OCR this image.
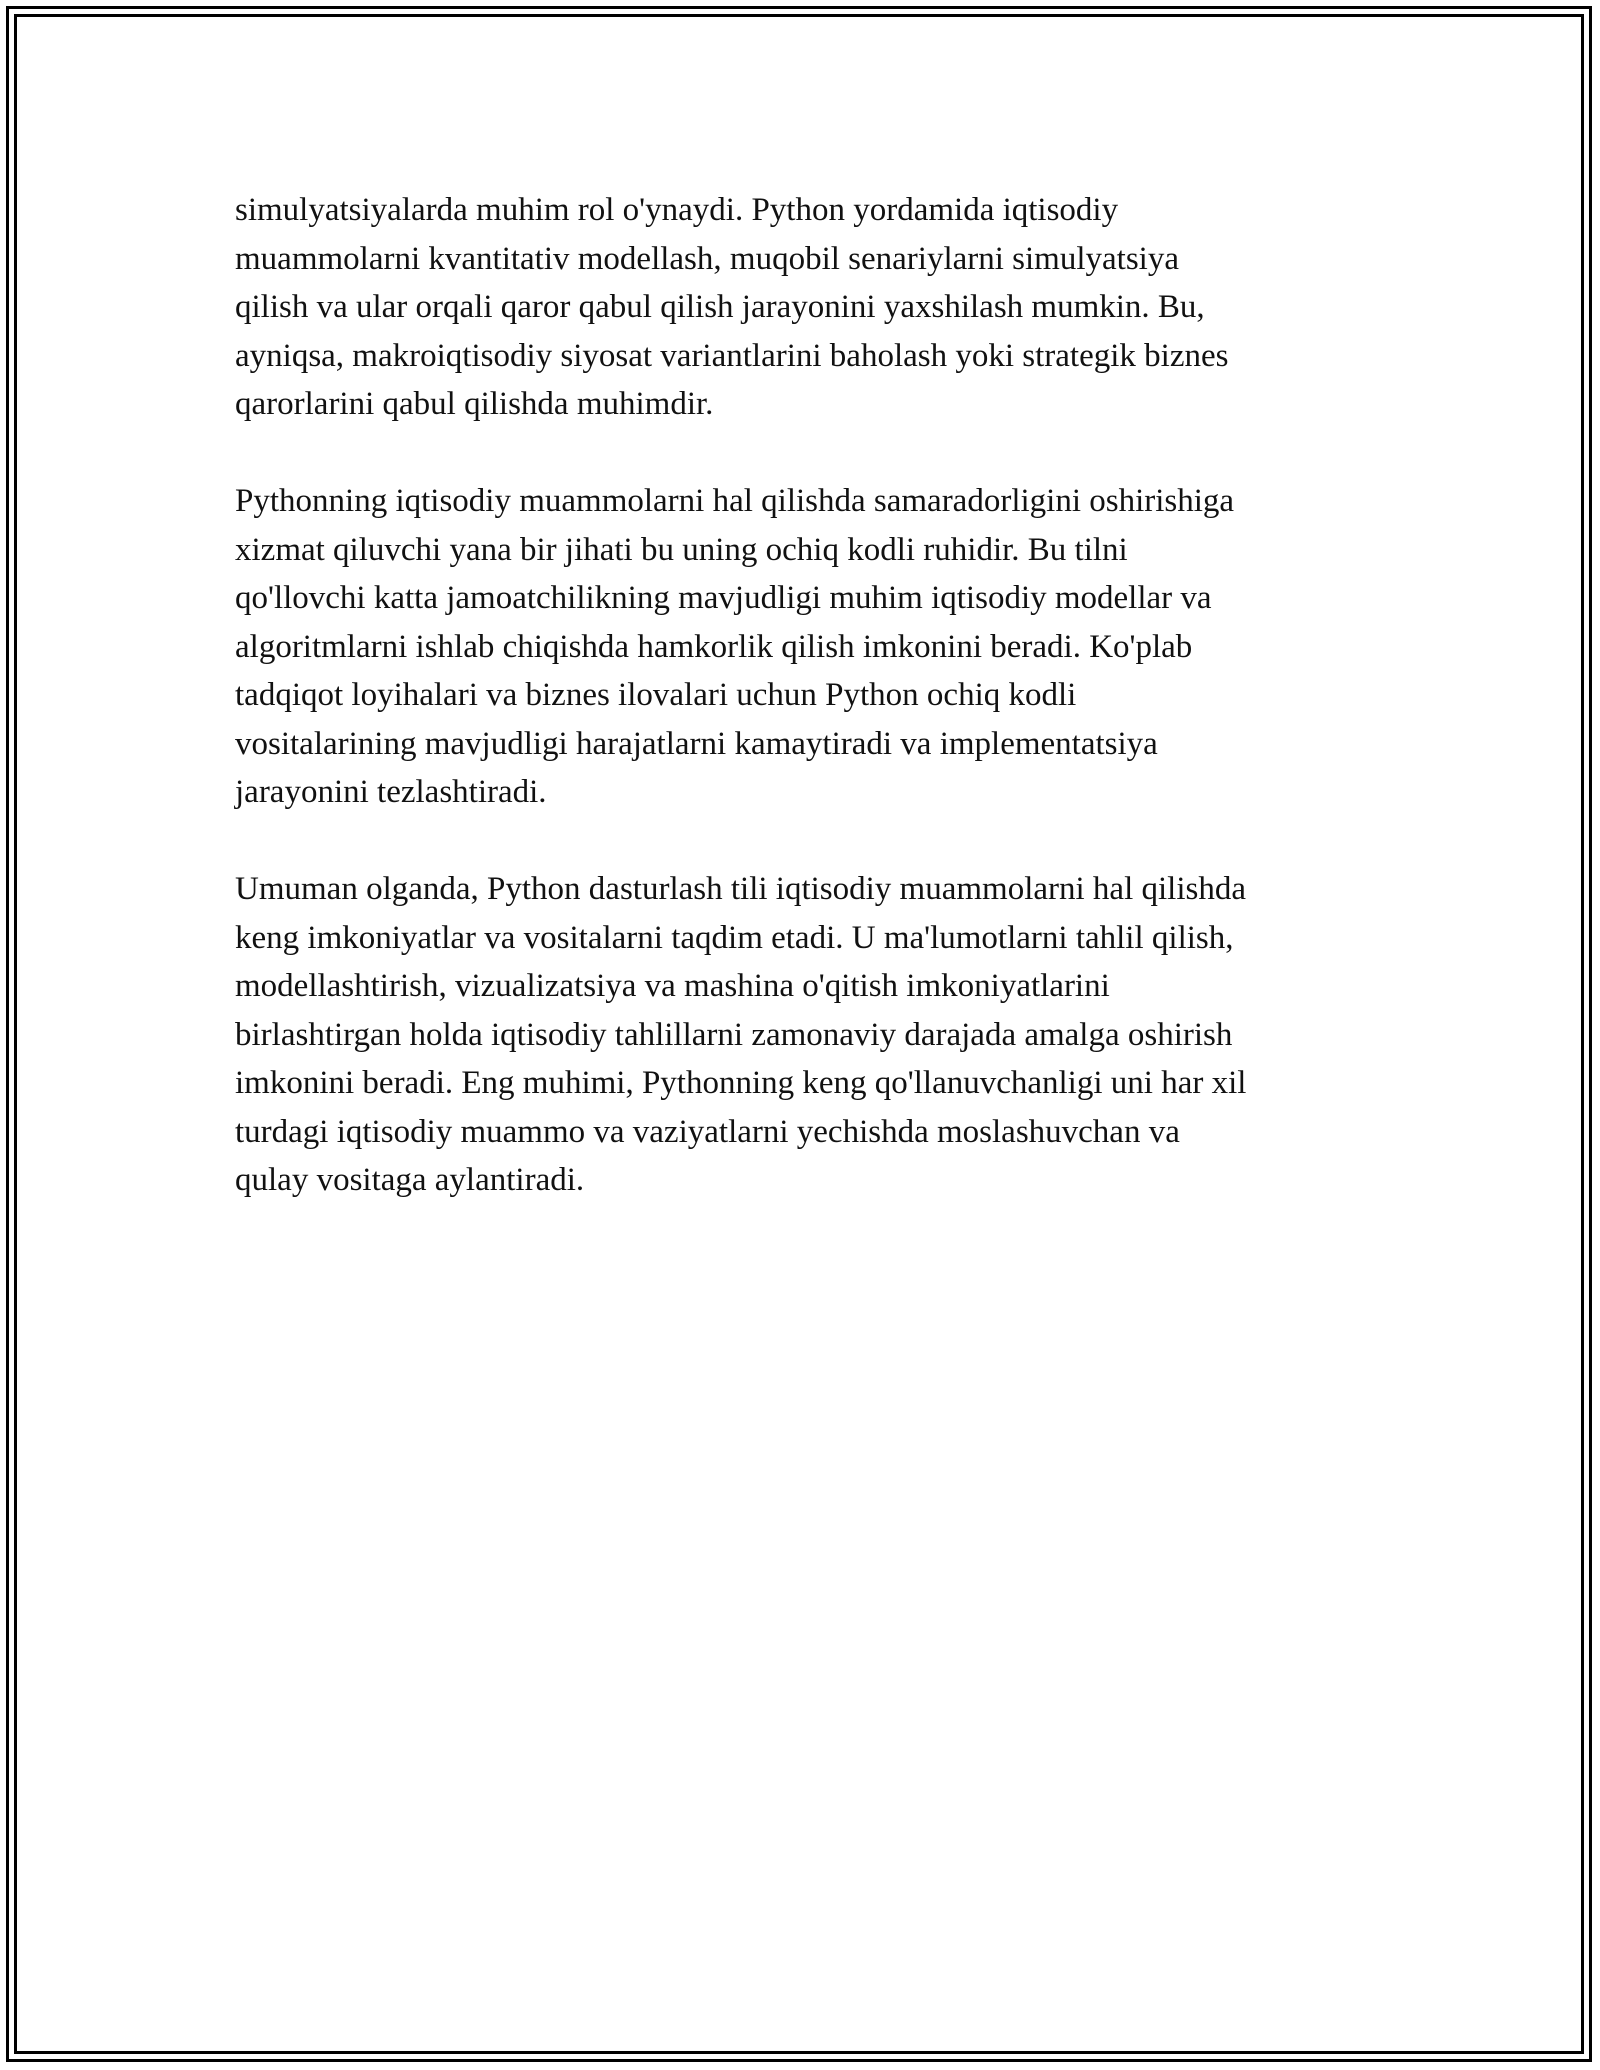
simulyatsiyalarda muhim rol o'ynaydi. Python yordamida iqtisodiy
muammolarni kvantitativ modellash, muqobil senariylarni simulyatsiya
qilish va ular orqali qaror qabul qilish jarayonini yaxshilash mumkin. Bu,
ayniqsa, makroiqtisodiy siyosat variantlarini baholash yoki strategik biznes
qarorlarini qabul qilishda muhimdir.
Pythonning iqtisodiy muammolarni hal qilishda samaradorligini oshirishiga
xizmat qiluvchi yana bir jihati bu uning ochiq kodli ruhidir. Bu tilni
qo'llovchi katta jamoatchilikning mavjudligi muhim iqtisodiy modellar va
algoritmlarni ishlab chiqishda hamkorlik qilish imkonini beradi. Ko'plab
tadqiqot loyihalari va biznes ilovalari uchun Python ochiq kodli
vositalarining mavjudligi harajatlarni kamaytiradi va implementatsiya
jarayonini tezlashtiradi.
Umuman olganda, Python dasturlash tili iqtisodiy muammolarni hal qilishda
keng imkoniyatlar va vositalarni taqdim etadi. U ma'lumotlarni tahlil qilish,
modellashtirish, vizualizatsiya va mashina o'qitish imkoniyatlarini
birlashtirgan holda iqtisodiy tahlillarni zamonaviy darajada amalga oshirish
imkonini beradi. Eng muhimi, Pythonning keng qo'llanuvchanligi uni har xil
turdagi iqtisodiy muammo va vaziyatlarni yechishda moslashuvchan va
qulay vositaga aylantiradi.
